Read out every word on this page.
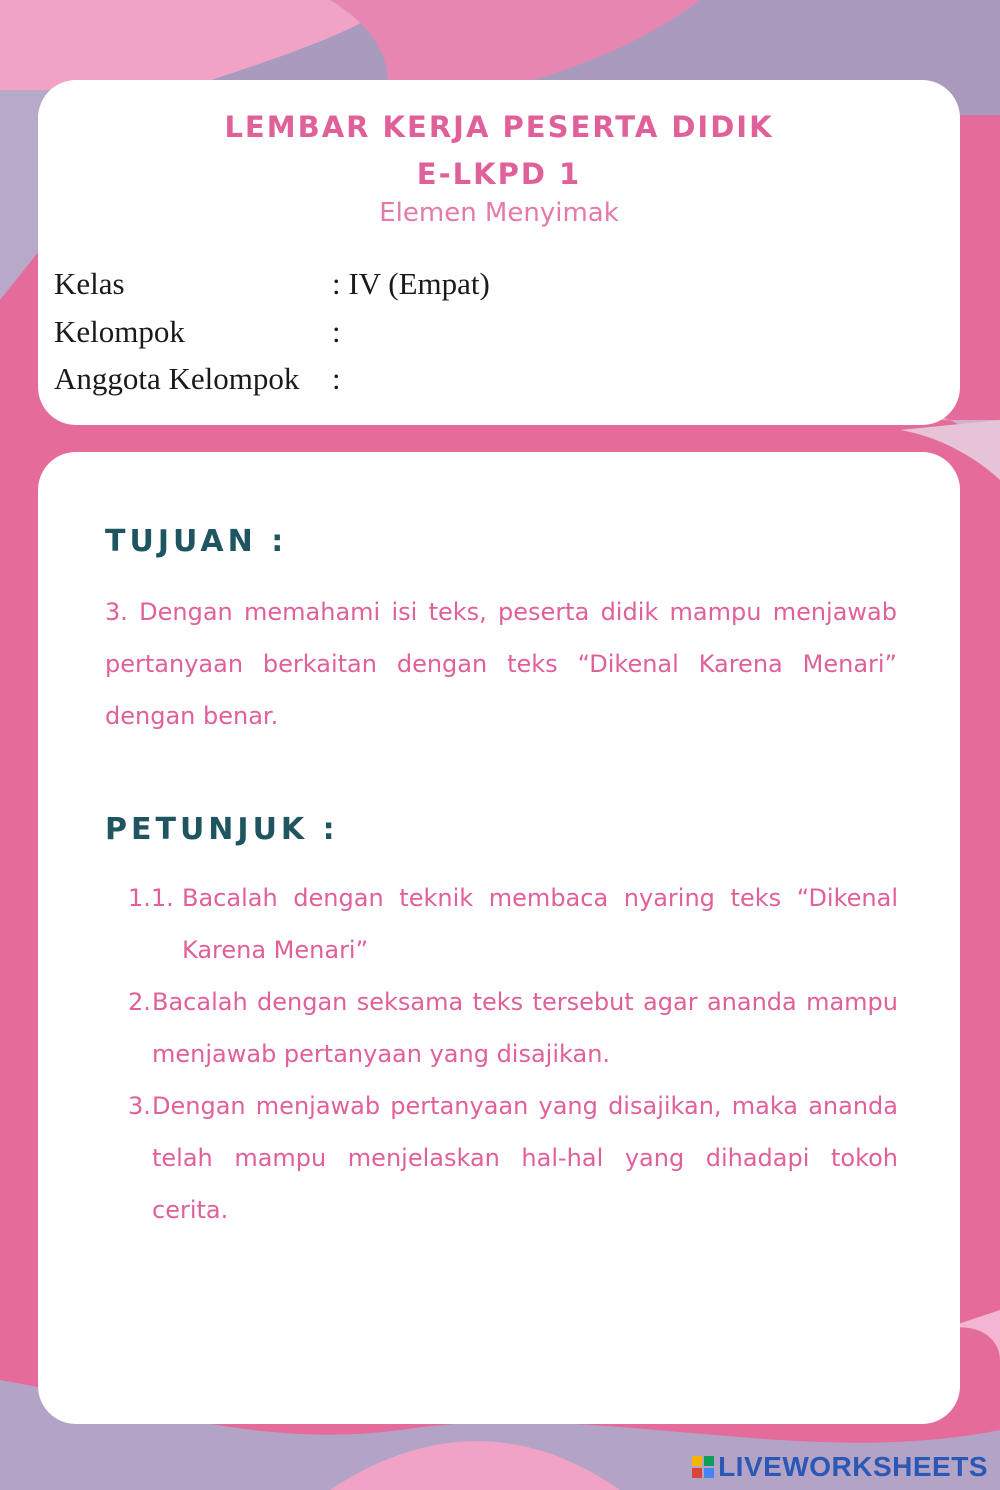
LEMBAR KERJA PESERTA DIDIK
E-LKPD 1
Elemen Menyimak
Kelas	: IV (Empat)
Kelompok	:
Anggota Kelompok :
TUJUAN :
3. Dengan memahami isi teks, peserta didik mampu menjawab pertanyaan berkaitan dengan teks “Dikenal Karena Menari” dengan benar.
PETUNJUK :
1.1. Bacalah dengan teknik membaca nyaring teks “Dikenal Karena Menari”
2. Bacalah dengan seksama teks tersebut agar ananda mampu menjawab pertanyaan yang disajikan.
3. Dengan menjawab pertanyaan yang disajikan, maka ananda telah mampu menjelaskan hal-hal yang dihadapi tokoh cerita.
LIVEWORKSHEETS
